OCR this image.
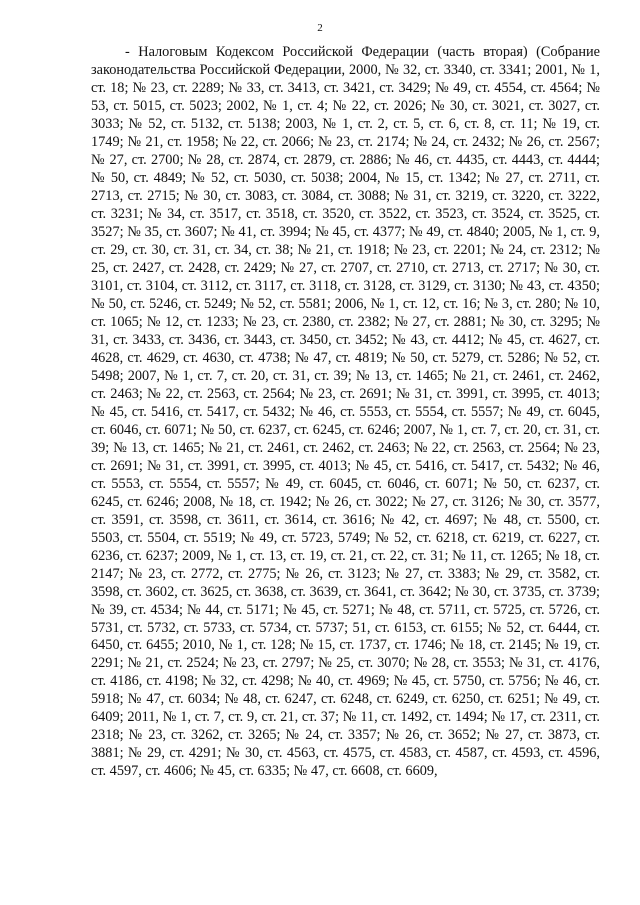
2

- Налоговым Кодексом Российской Федерации (часть вторая) (Собрание законодательства Российской Федерации, 2000, № 32, ст. 3340, ст. 3341; 2001, № 1, ст. 18; № 23, ст. 2289; № 33, ст. 3413, ст. 3421, ст. 3429; № 49, ст. 4554, ст. 4564; № 53, ст. 5015, ст. 5023; 2002, № 1, ст. 4; № 22, ст. 2026; № 30, ст. 3021, ст. 3027, ст. 3033; № 52, ст. 5132, ст. 5138; 2003, № 1, ст. 2, ст. 5, ст. 6, ст. 8, ст. 11; № 19, ст. 1749; № 21, ст. 1958; № 22, ст. 2066; № 23, ст. 2174; № 24, ст. 2432; № 26, ст. 2567; № 27, ст. 2700; № 28, ст. 2874, ст. 2879, ст. 2886; № 46, ст. 4435, ст. 4443, ст. 4444; № 50, ст. 4849; № 52, ст. 5030, ст. 5038; 2004, № 15, ст. 1342; № 27, ст. 2711, ст. 2713, ст. 2715; № 30, ст. 3083, ст. 3084, ст. 3088; № 31, ст. 3219, ст. 3220, ст. 3222, ст. 3231; № 34, ст. 3517, ст. 3518, ст. 3520, ст. 3522, ст. 3523, ст. 3524, ст. 3525, ст. 3527; № 35, ст. 3607; № 41, ст. 3994; № 45, ст. 4377; № 49, ст. 4840; 2005, № 1, ст. 9, ст. 29, ст. 30, ст. 31, ст. 34, ст. 38; № 21, ст. 1918; № 23, ст. 2201; № 24, ст. 2312; № 25, ст. 2427, ст. 2428, ст. 2429; № 27, ст. 2707, ст. 2710, ст. 2713, ст. 2717; № 30, ст. 3101, ст. 3104, ст. 3112, ст. 3117, ст. 3118, ст. 3128, ст. 3129, ст. 3130; № 43, ст. 4350; № 50, ст. 5246, ст. 5249; № 52, ст. 5581; 2006, № 1, ст. 12, ст. 16; № 3, ст. 280; № 10, ст. 1065; № 12, ст. 1233; № 23, ст. 2380, ст. 2382; № 27, ст. 2881; № 30, ст. 3295; № 31, ст. 3433, ст. 3436, ст. 3443, ст. 3450, ст. 3452; № 43, ст. 4412; № 45, ст. 4627, ст. 4628, ст. 4629, ст. 4630, ст. 4738; № 47, ст. 4819; № 50, ст. 5279, ст. 5286; № 52, ст. 5498; 2007, № 1, ст. 7, ст. 20, ст. 31, ст. 39; № 13, ст. 1465; № 21, ст. 2461, ст. 2462, ст. 2463; № 22, ст. 2563, ст. 2564; № 23, ст. 2691; № 31, ст. 3991, ст. 3995, ст. 4013; № 45, ст. 5416, ст. 5417, ст. 5432; № 46, ст. 5553, ст. 5554, ст. 5557; № 49, ст. 6045, ст. 6046, ст. 6071; № 50, ст. 6237, ст. 6245, ст. 6246; 2007, № 1, ст. 7, ст. 20, ст. 31, ст. 39; № 13, ст. 1465; № 21, ст. 2461, ст. 2462, ст. 2463; № 22, ст. 2563, ст. 2564; № 23, ст. 2691; № 31, ст. 3991, ст. 3995, ст. 4013; № 45, ст. 5416, ст. 5417, ст. 5432; № 46, ст. 5553, ст. 5554, ст. 5557; № 49, ст. 6045, ст. 6046, ст. 6071; № 50, ст. 6237, ст. 6245, ст. 6246; 2008, № 18, ст. 1942; № 26, ст. 3022; № 27, ст. 3126; № 30, ст. 3577, ст. 3591, ст. 3598, ст. 3611, ст. 3614, ст. 3616; № 42, ст. 4697; № 48, ст. 5500, ст. 5503, ст. 5504, ст. 5519; № 49, ст. 5723, 5749; № 52, ст. 6218, ст. 6219, ст. 6227, ст. 6236, ст. 6237; 2009, № 1, ст. 13, ст. 19, ст. 21, ст. 22, ст. 31; № 11, ст. 1265; № 18, ст. 2147; № 23, ст. 2772, ст. 2775; № 26, ст. 3123; № 27, ст. 3383; № 29, ст. 3582, ст. 3598, ст. 3602, ст. 3625, ст. 3638, ст. 3639, ст. 3641, ст. 3642; № 30, ст. 3735, ст. 3739; № 39, ст. 4534; № 44, ст. 5171; № 45, ст. 5271; № 48, ст. 5711, ст. 5725, ст. 5726, ст. 5731, ст. 5732, ст. 5733, ст. 5734, ст. 5737; 51, ст. 6153, ст. 6155; № 52, ст. 6444, ст. 6450, ст. 6455; 2010, № 1, ст. 128; № 15, ст. 1737, ст. 1746; № 18, ст. 2145; № 19, ст. 2291; № 21, ст. 2524; № 23, ст. 2797; № 25, ст. 3070; № 28, ст. 3553; № 31, ст. 4176, ст. 4186, ст. 4198; № 32, ст. 4298; № 40, ст. 4969; № 45, ст. 5750, ст. 5756; № 46, ст. 5918; № 47, ст. 6034; № 48, ст. 6247, ст. 6248, ст. 6249, ст. 6250, ст. 6251; № 49, ст. 6409; 2011, № 1, ст. 7, ст. 9, ст. 21, ст. 37; № 11, ст. 1492, ст. 1494; № 17, ст. 2311, ст. 2318; № 23, ст. 3262, ст. 3265; № 24, ст. 3357; № 26, ст. 3652; № 27, ст. 3873, ст. 3881; № 29, ст. 4291; № 30, ст. 4563, ст. 4575, ст. 4583, ст. 4587, ст. 4593, ст. 4596, ст. 4597, ст. 4606; № 45, ст. 6335; № 47, ст. 6608, ст. 6609,
